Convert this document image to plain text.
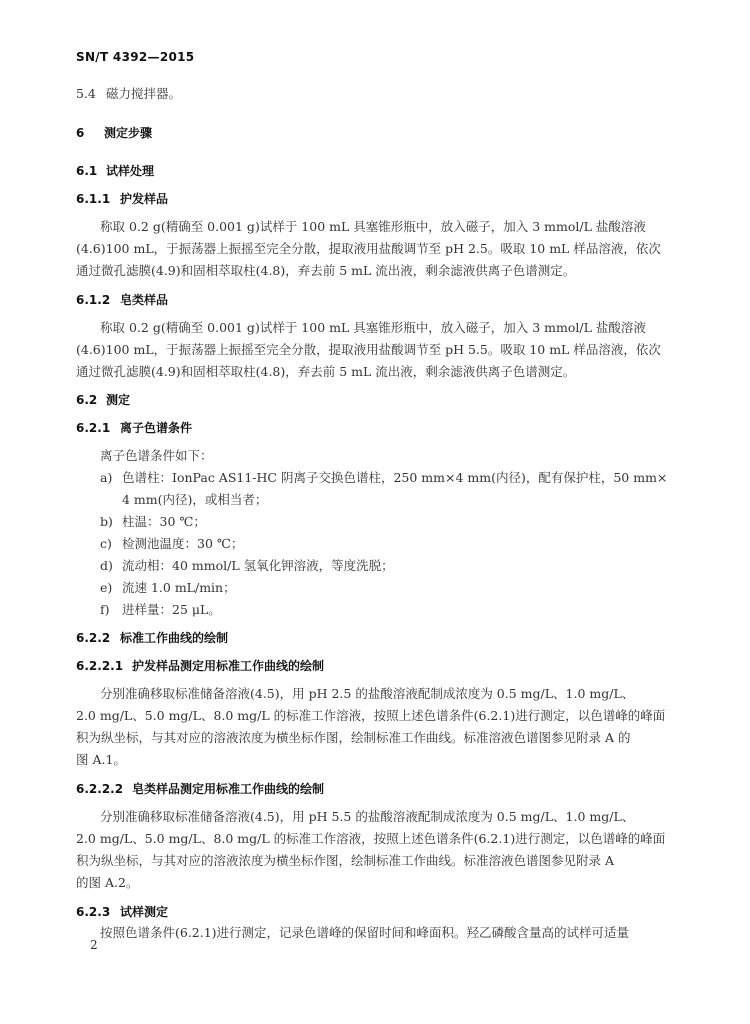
SN/T 4392—2015
5.4 磁力搅拌器。
6 测定步骤
6.1 试样处理
6.1.1 护发样品
称取 0.2 g(精确至 0.001 g)试样于 100 mL 具塞锥形瓶中，放入磁子，加入 3 mmol/L 盐酸溶液
(4.6)100 mL，于振荡器上振摇至完全分散，提取液用盐酸调节至 pH 2.5。吸取 10 mL 样品溶液，依次
通过微孔滤膜(4.9)和固相萃取柱(4.8)，弃去前 5 mL 流出液，剩余滤液供离子色谱测定。
6.1.2 皂类样品
称取 0.2 g(精确至 0.001 g)试样于 100 mL 具塞锥形瓶中，放入磁子，加入 3 mmol/L 盐酸溶液
(4.6)100 mL，于振荡器上振摇至完全分散，提取液用盐酸调节至 pH 5.5。吸取 10 mL 样品溶液，依次
通过微孔滤膜(4.9)和固相萃取柱(4.8)，弃去前 5 mL 流出液，剩余滤液供离子色谱测定。
6.2 测定
6.2.1 离子色谱条件
离子色谱条件如下：
a) 色谱柱：IonPac AS11-HC 阴离子交换色谱柱，250 mm×4 mm(内径)，配有保护柱，50 mm×
4 mm(内径)，或相当者；
b) 柱温：30 ℃；
c) 检测池温度：30 ℃；
d) 流动相：40 mmol/L 氢氧化钾溶液，等度洗脱；
e) 流速 1.0 mL/min；
f) 进样量：25 μL。
6.2.2 标准工作曲线的绘制
6.2.2.1 护发样品测定用标准工作曲线的绘制
分别准确移取标准储备溶液(4.5)，用 pH 2.5 的盐酸溶液配制成浓度为 0.5 mg/L、1.0 mg/L、
2.0 mg/L、5.0 mg/L、8.0 mg/L 的标准工作溶液，按照上述色谱条件(6.2.1)进行测定，以色谱峰的峰面
积为纵坐标，与其对应的溶液浓度为横坐标作图，绘制标准工作曲线。标准溶液色谱图参见附录 A 的
图 A.1。
6.2.2.2 皂类样品测定用标准工作曲线的绘制
分别准确移取标准储备溶液(4.5)，用 pH 5.5 的盐酸溶液配制成浓度为 0.5 mg/L、1.0 mg/L、
2.0 mg/L、5.0 mg/L、8.0 mg/L 的标准工作溶液，按照上述色谱条件(6.2.1)进行测定，以色谱峰的峰面
积为纵坐标，与其对应的溶液浓度为横坐标作图，绘制标准工作曲线。标准溶液色谱图参见附录 A
的图 A.2。
6.2.3 试样测定
按照色谱条件(6.2.1)进行测定，记录色谱峰的保留时间和峰面积。羟乙磷酸含量高的试样可适量
2
